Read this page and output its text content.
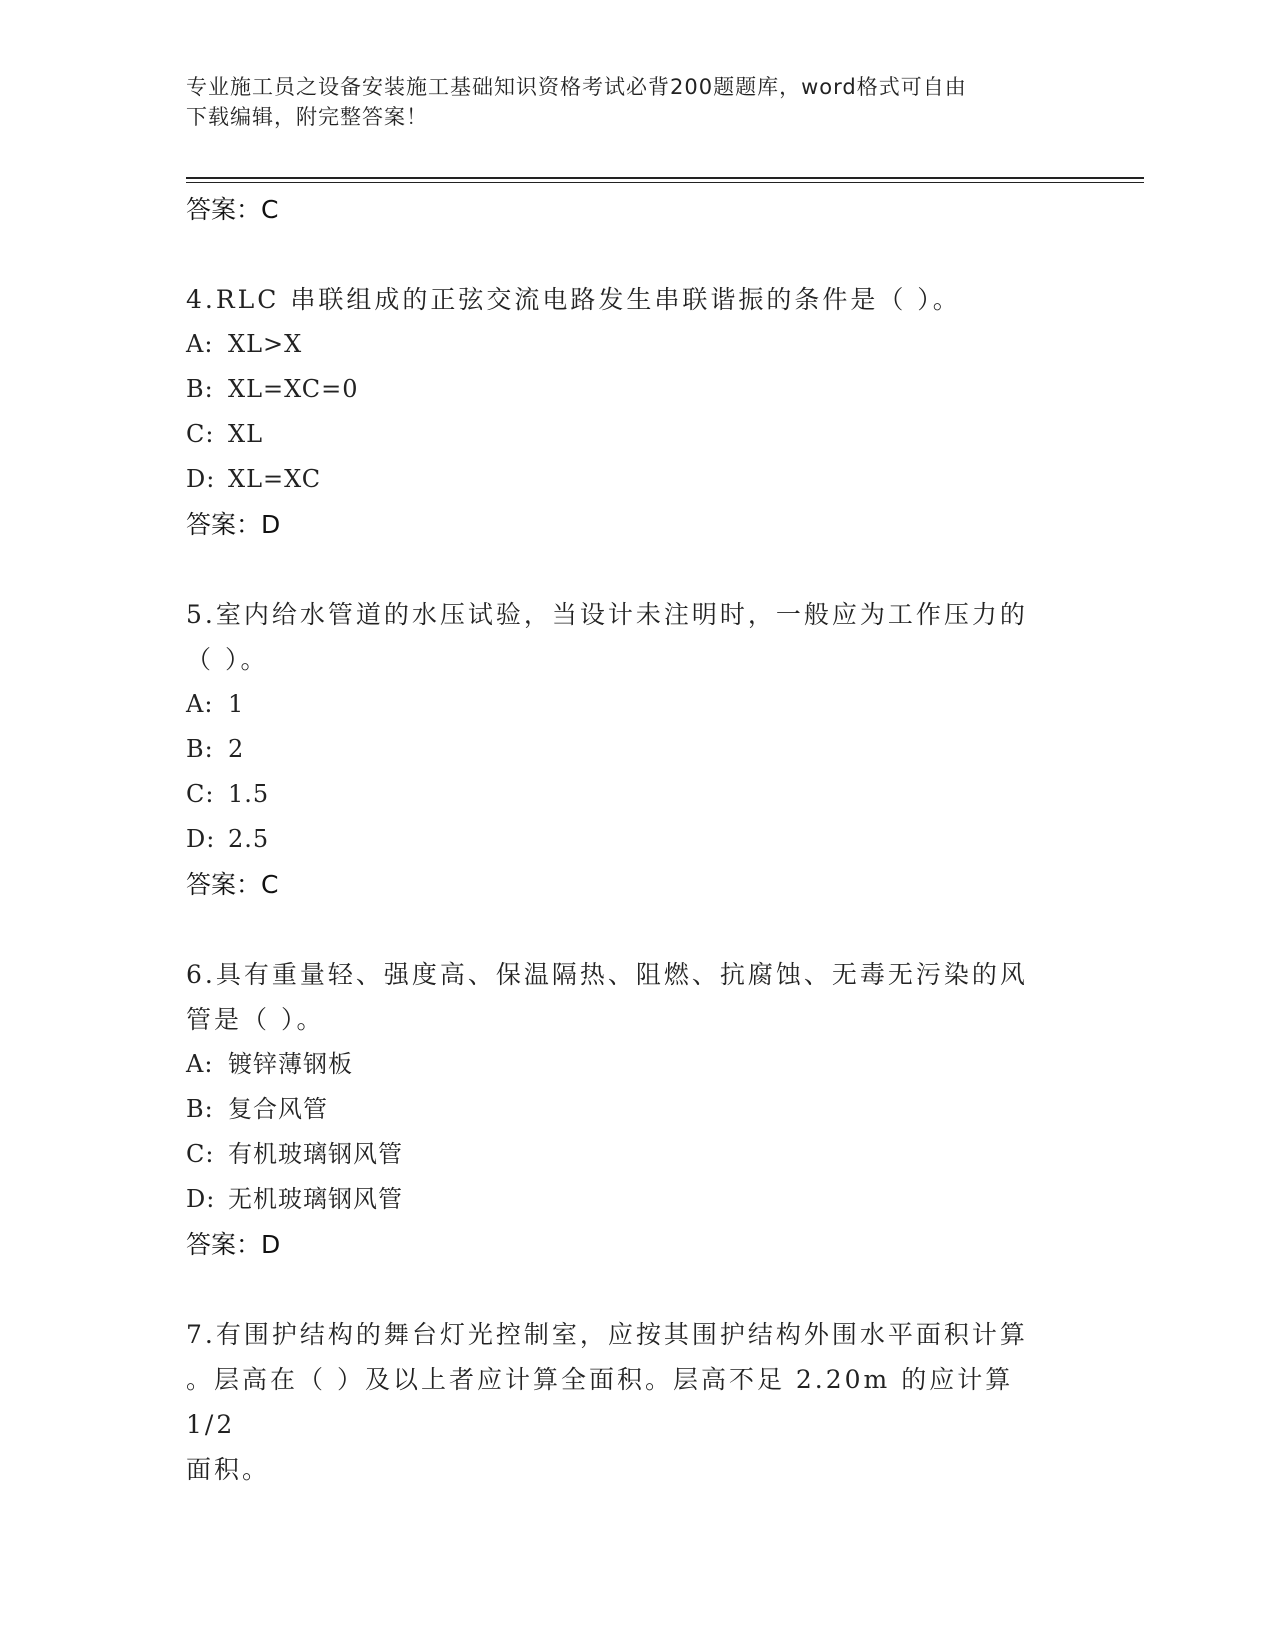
专业施工员之设备安装施工基础知识资格考试必背200题题库，word格式可自由
下载编辑，附完整答案！
答案：C
4.RLC 串联组成的正弦交流电路发生串联谐振的条件是（ ）。
A: XL>X
B: XL=XC=0
C: XL
D: XL=XC
答案：D
5.室内给水管道的水压试验，当设计未注明时，一般应为工作压力的
（ ）。
A: 1
B: 2
C: 1.5
D: 2.5
答案：C
6.具有重量轻、强度高、保温隔热、阻燃、抗腐蚀、无毒无污染的风
管是（ ）。
A: 镀锌薄钢板
B: 复合风管
C: 有机玻璃钢风管
D: 无机玻璃钢风管
答案：D
7.有围护结构的舞台灯光控制室，应按其围护结构外围水平面积计算
。层高在（ ）及以上者应计算全面积。层高不足 2.20m 的应计算 1/2
面积。
